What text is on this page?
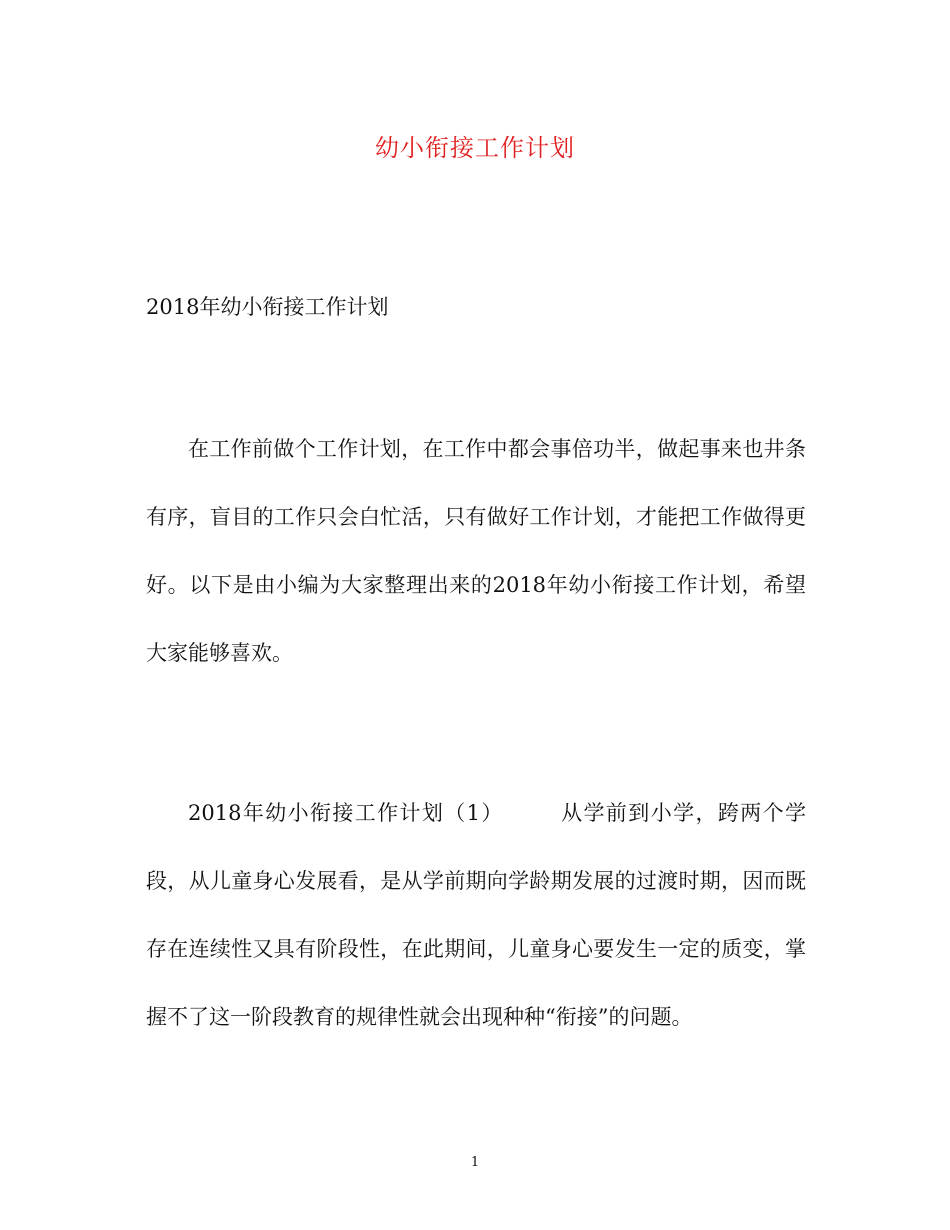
幼小衔接工作计划
2018年幼小衔接工作计划

在工作前做个工作计划，在工作中都会事倍功半，做起事来也井条有序，盲目的工作只会白忙活，只有做好工作计划，才能把工作做得更好。以下是由小编为大家整理出来的2018年幼小衔接工作计划，希望大家能够喜欢。

2018年幼小衔接工作计划（1）	从学前到小学，跨两个学段，从儿童身心发展看，是从学前期向学龄期发展的过渡时期，因而既存在连续性又具有阶段性，在此期间，儿童身心要发生一定的质变，掌握不了这一阶段教育的规律性就会出现种种“衔接”的问题。

1
